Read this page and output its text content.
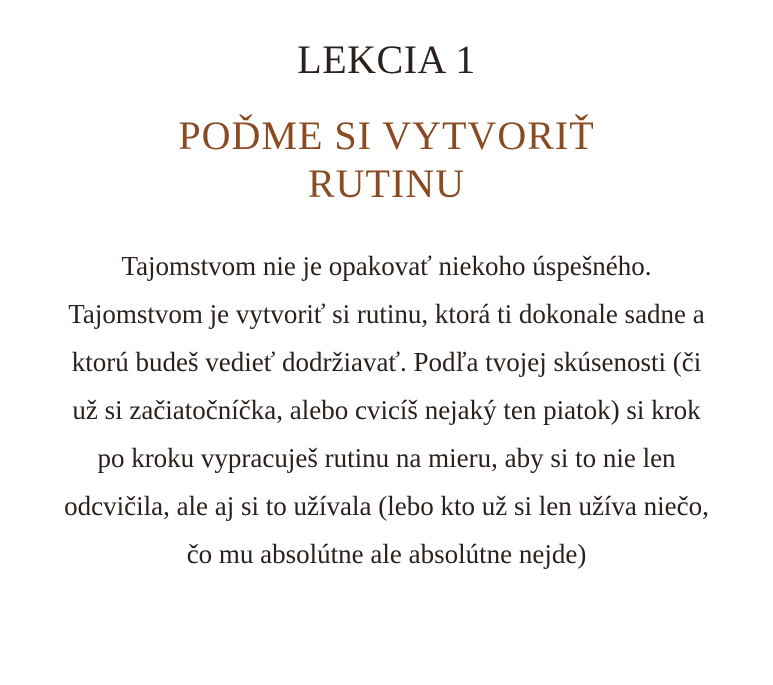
LEKCIA 1
POĎME SI VYTVORIŤ RUTINU

Tajomstvom nie je opakovať niekoho úspešného. Tajomstvom je vytvoriť si rutinu, ktorá ti dokonale sadne a ktorú budeš vedieť dodržiavať. Podľa tvojej skúsenosti (či už si začiatočníčka, alebo cvicíš nejaký ten piatok) si krok po kroku vypracuješ rutinu na mieru, aby si to nie len odcvičila, ale aj si to užívala (lebo kto už si len užíva niečo, čo mu absolútne ale absolútne nejde)
